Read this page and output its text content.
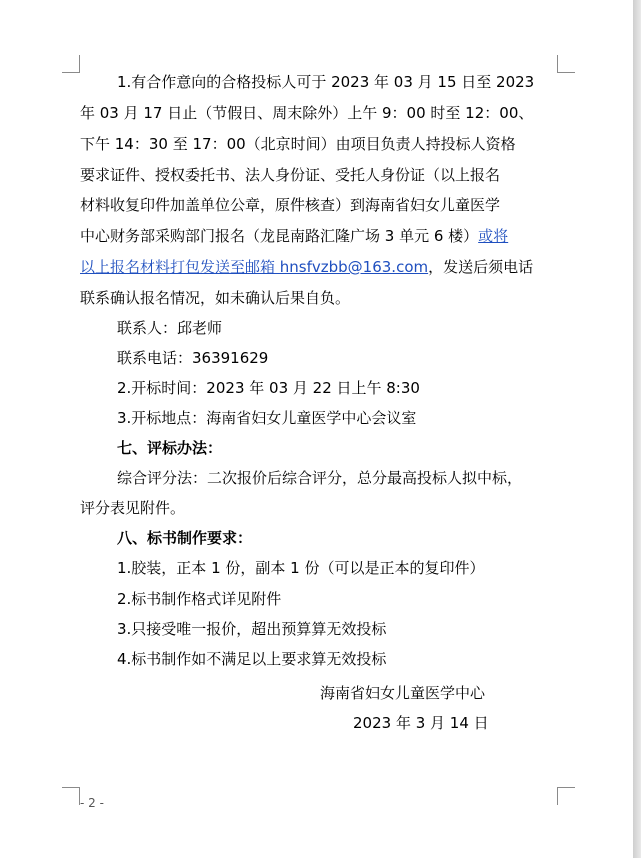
1.有合作意向的合格投标人可于 2023 年 03 月 15 日至 2023
年 03 月 17 日止（节假日、周末除外）上午 9：00 时至 12：00、
下午 14：30 至 17：00（北京时间）由项目负责人持投标人资格
要求证件、授权委托书、法人身份证、受托人身份证（以上报名
材料收复印件加盖单位公章，原件核查）到海南省妇女儿童医学
中心财务部采购部门报名（龙昆南路汇隆广场 3 单元 6 楼）或将
以上报名材料打包发送至邮箱 hnsfvzbb@163.com，发送后须电话
联系确认报名情况，如未确认后果自负。
联系人：邱老师
联系电话：36391629
2.开标时间：2023 年 03 月 22 日上午 8:30
3.开标地点：海南省妇女儿童医学中心会议室
七、评标办法：
综合评分法：二次报价后综合评分，总分最高投标人拟中标，
评分表见附件。
八、标书制作要求：
1.胶装，正本 1 份，副本 1 份（可以是正本的复印件）
2.标书制作格式详见附件
3.只接受唯一报价，超出预算算无效投标
4.标书制作如不满足以上要求算无效投标
海南省妇女儿童医学中心
2023 年 3 月 14 日
- 2 -
